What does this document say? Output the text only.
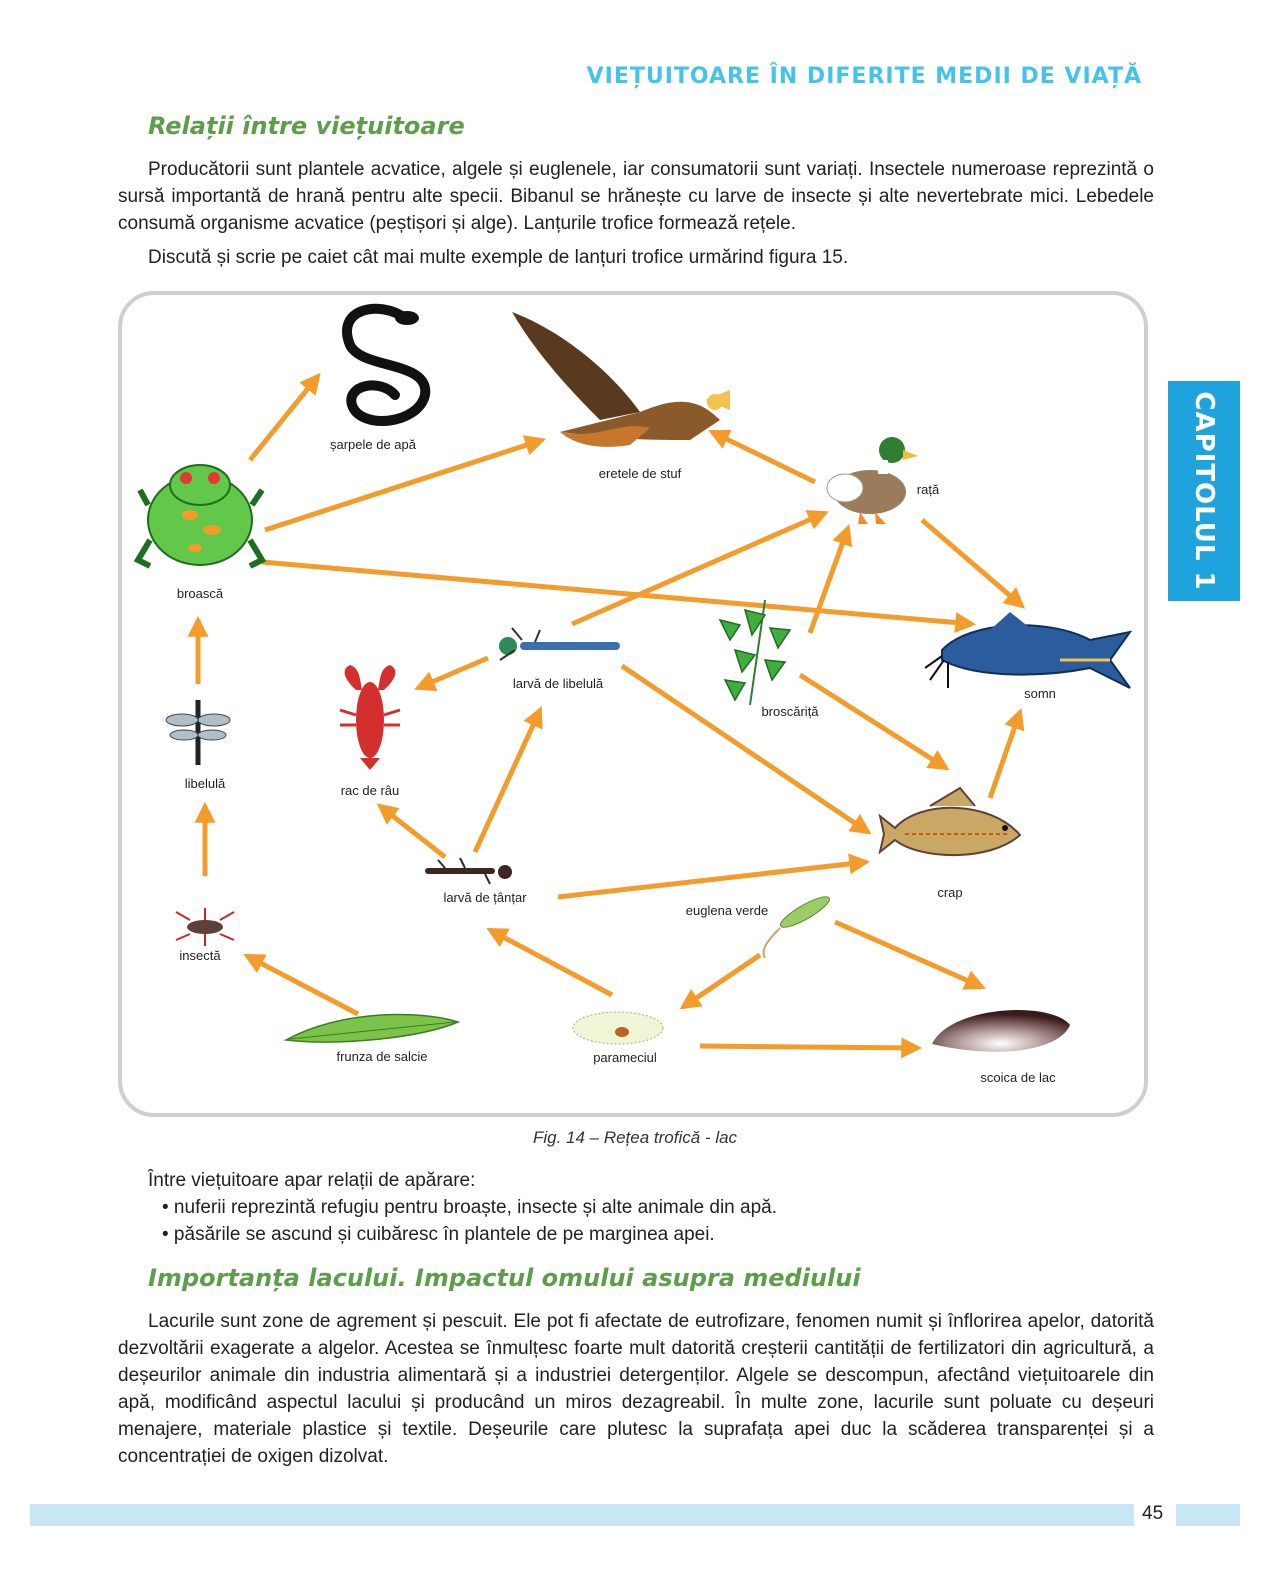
VIEȚUITOARE ÎN DIFERITE MEDII DE VIAȚĂ
CAPITOLUL 1
Relații între viețuitoare
Producătorii sunt plantele acvatice, algele și euglenele, iar consumatorii sunt variați. Insectele numeroase reprezintă o sursă importantă de hrană pentru alte specii. Bibanul se hrănește cu larve de insecte și alte nevertebrate mici. Lebedele consumă organisme acvatice (peștișori și alge). Lanțurile trofice formează rețele.
Discută și scrie pe caiet cât mai multe exemple de lanțuri trofice urmărind figura 15.
șarpele de apă
eretele de stuf
rață
broască
somn
larvă de libelulă
broscăriță
rac de râu
libelulă
crap
larvă de țânțar
euglena verde
insectă
frunza de salcie	parameciul
scoica de lac
Fig. 14 – Rețea trofică - lac
Între viețuitoare apar relații de apărare:
• nuferii reprezintă refugiu pentru broaște, insecte și alte animale din apă.
• păsările se ascund și cuibăresc în plantele de pe marginea apei.
Importanța lacului. Impactul omului asupra mediului
Lacurile sunt zone de agrement și pescuit. Ele pot fi afectate de eutrofizare, fenomen numit și înflorirea apelor, datorită dezvoltării exagerate a algelor. Acestea se înmulțesc foarte mult datorită creșterii cantității de fertilizatori din agricultură, a deșeurilor animale din industria alimentară și a industriei detergenților. Algele se descompun, afectând viețuitoarele din apă, modificând aspectul lacului și producând un miros dezagreabil. În multe zone, lacurile sunt poluate cu deșeuri menajere, materiale plastice și textile. Deșeurile care plutesc la suprafața apei duc la scăderea transparenței și a concentrației de oxigen dizolvat.
45
